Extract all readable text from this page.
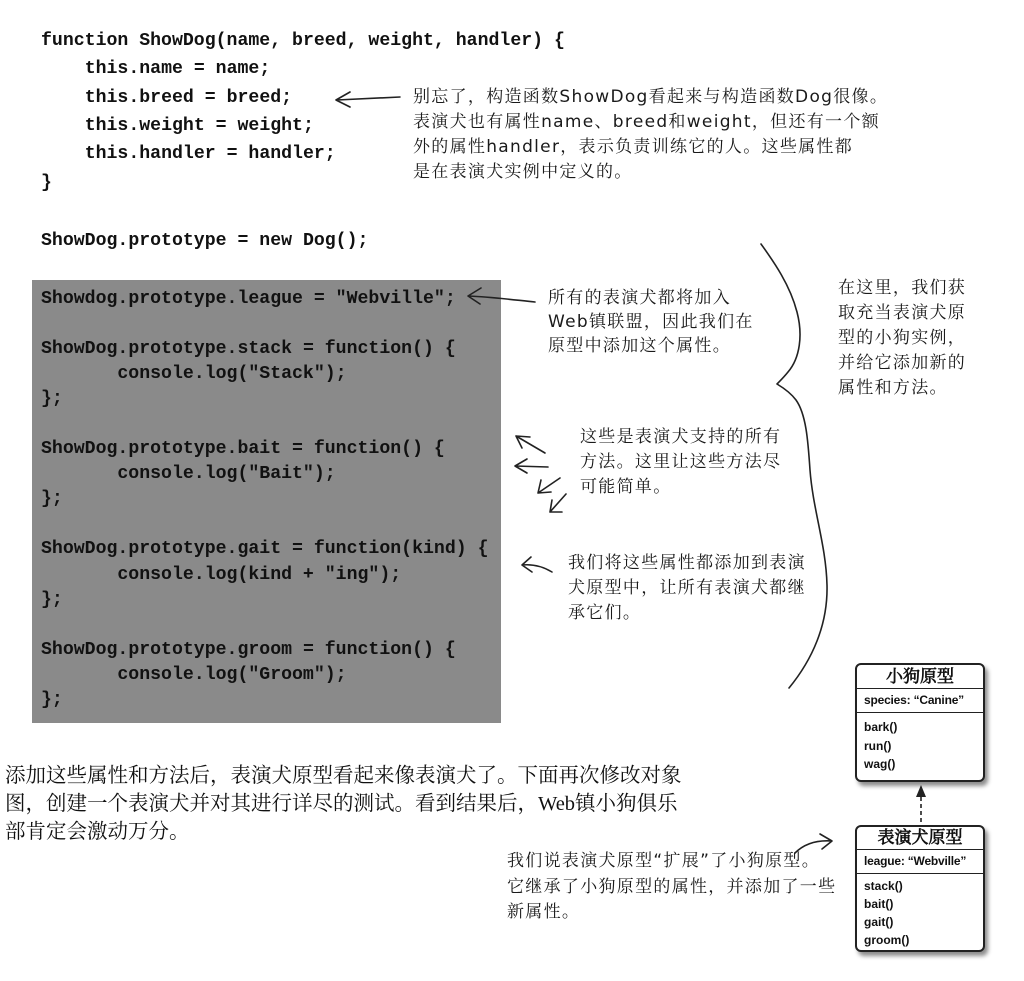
function ShowDog(name, breed, weight, handler) {
this.name = name;
this.breed = breed;
this.weight = weight;
this.handler = handler;
}
ShowDog.prototype = new Dog();
Showdog.prototype.league = "Webville";
ShowDog.prototype.stack = function() {
console.log("Stack");
};
ShowDog.prototype.bait = function() {
console.log("Bait");
};
ShowDog.prototype.gait = function(kind) {
console.log(kind + "ing");
};
ShowDog.prototype.groom = function() {
console.log("Groom");
};
别忘了，构造函数ShowDog看起来与构造函数Dog很像。
表演犬也有属性name、breed和weight，但还有一个额
外的属性handler，表示负责训练它的人。这些属性都
是在表演犬实例中定义的。
所有的表演犬都将加入
Web镇联盟，因此我们在
原型中添加这个属性。
在这里，我们获
取充当表演犬原
型的小狗实例，
并给它添加新的
属性和方法。
这些是表演犬支持的所有
方法。这里让这些方法尽
可能简单。
我们将这些属性都添加到表演
犬原型中，让所有表演犬都继
承它们。
我们说表演犬原型“扩展”了小狗原型。
它继承了小狗原型的属性，并添加了一些
新属性。
添加这些属性和方法后，表演犬原型看起来像表演犬了。下面再次修改对象
图，创建一个表演犬并对其进行详尽的测试。看到结果后，Web镇小狗俱乐
部肯定会激动万分。
小狗原型
species: “Canine”
bark()
run()
wag()
表演犬原型
league: “Webville”
stack()
bait()
gait()
groom()
